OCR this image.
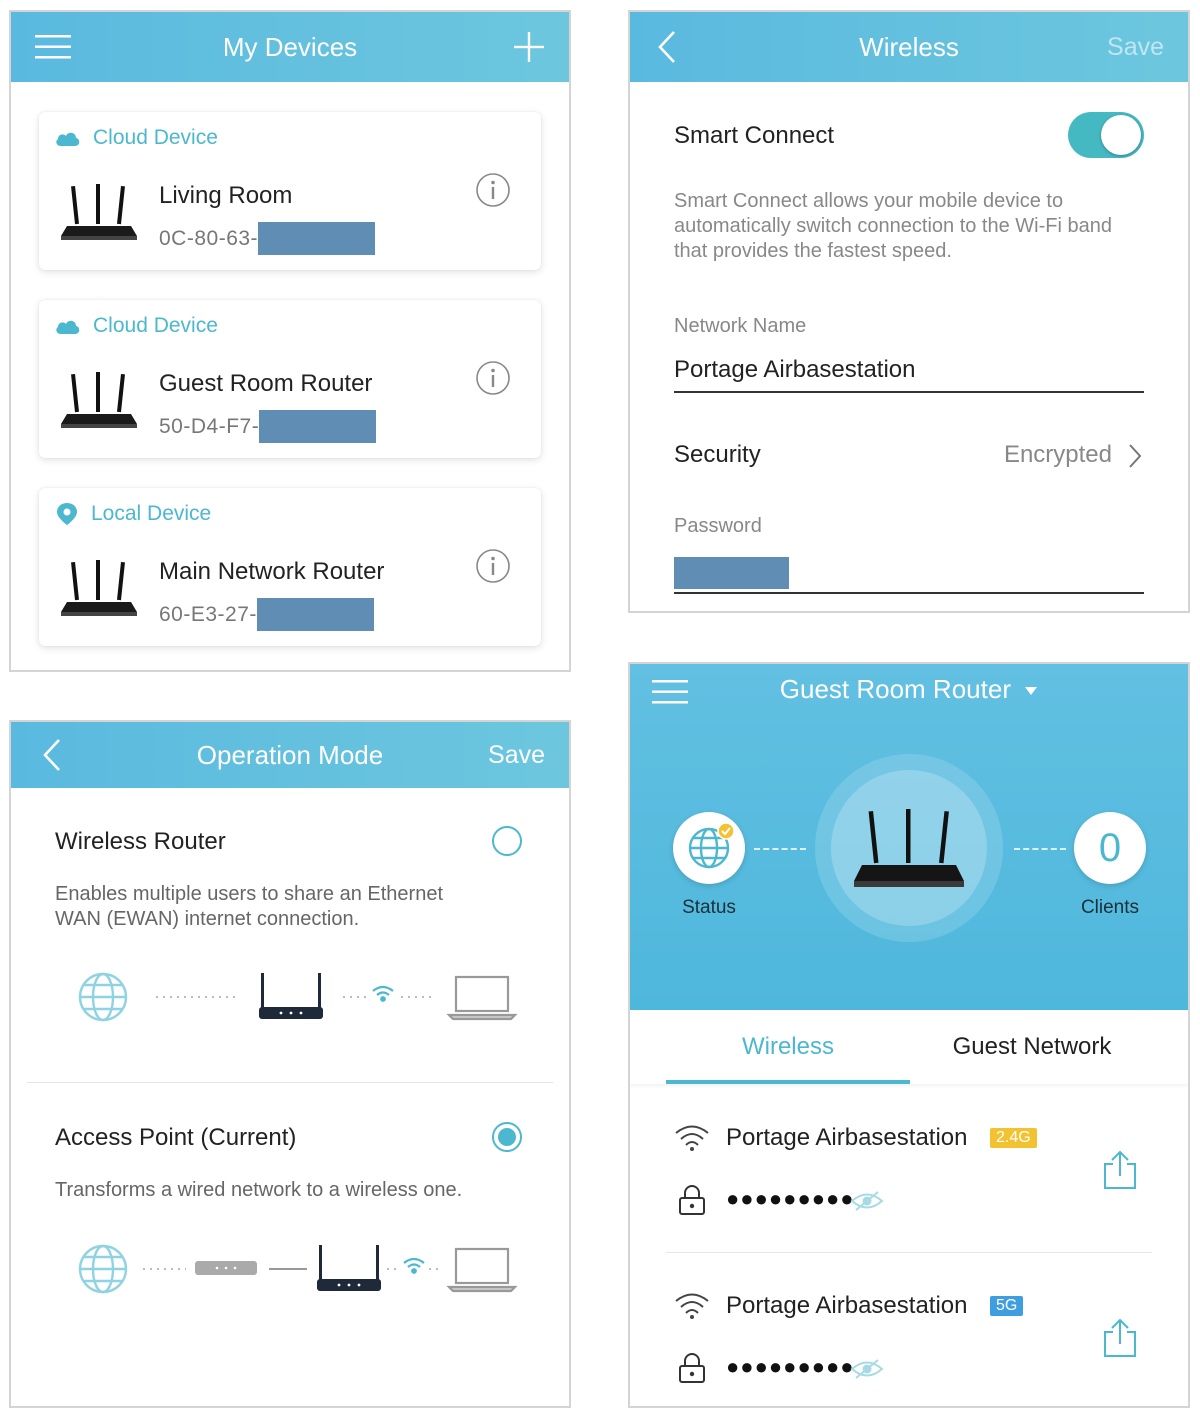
My Devices
Cloud Device
Living Room
0C-80-63-
Cloud Device
Guest Room Router
50-D4-F7-
Local Device
Main Network Router
60-E3-27-
Wireless	Save
Smart Connect
Smart Connect allows your mobile device to automatically switch connection to the Wi-Fi band that provides the fastest speed.
Network Name
Portage Airbasestation
Security	Encrypted
Password
Operation Mode	Save
Wireless Router
Enables multiple users to share an Ethernet
WAN (EWAN) internet connection.
Access Point (Current)
Transforms a wired network to a wireless one.
Guest Room Router
Status
0
Clients
Wireless	Guest Network
Portage Airbasestation	2.4G
●●●●●●●●●
Portage Airbasestation	5G
●●●●●●●●●
